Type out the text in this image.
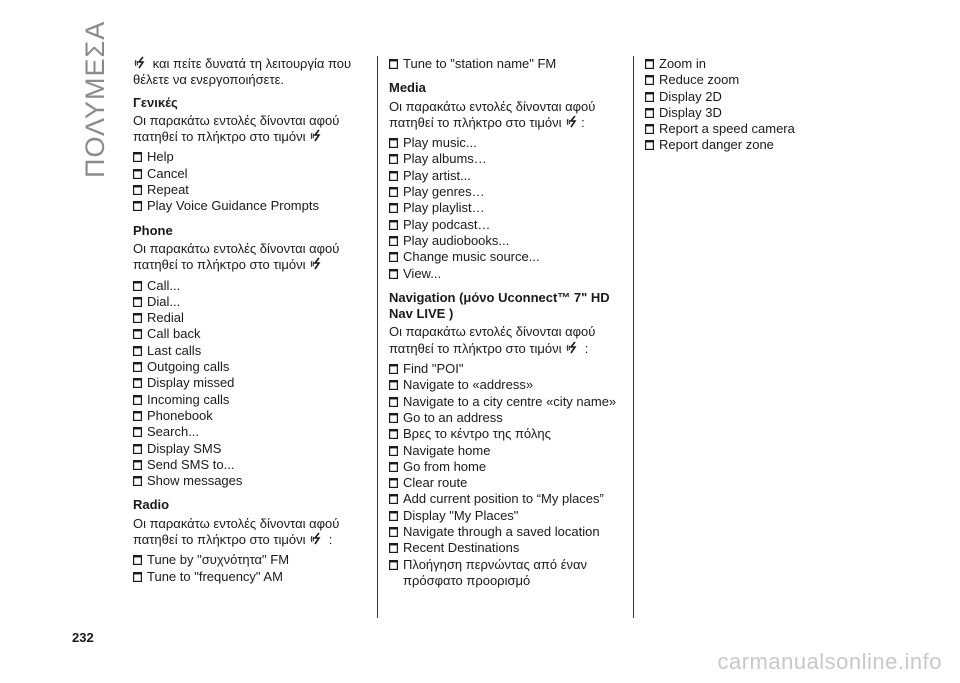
ΠΟΛΥΜΕΣΑ	και πείτε δυνατά τη λειτουργία που θέλετε να ενεργοποιήσετε.

Γενικές

Οι παρακάτω εντολές δίνονται αφού πατηθεί το πλήκτρο στο τιμόνι

Help
Cancel
Repeat
Play Voice Guidance Prompts
Phone

Οι παρακάτω εντολές δίνονται αφού πατηθεί το πλήκτρο στο τιμόνι

Call...
Dial...
Redial
Call back
Last calls
Outgoing calls
Display missed
Incoming calls
Phonebook
Search...
Display SMS
Send SMS to...
Show messages
Radio

Οι παρακάτω εντολές δίνονται αφού πατηθεί το πλήκτρο στο τιμόνι  :

Tune by "συχνότητα" FM
Tune to "frequency" AM
Tune to "station name" FM
Media

Οι παρακάτω εντολές δίνονται αφού πατηθεί το πλήκτρο στο τιμόνι :

Play music...
Play albums…
Play artist...
Play genres…
Play playlist…
Play podcast…
Play audiobooks...
Change music source...
View...
Navigation (μόνο Uconnect™ 7" HD Nav LIVE )

Οι παρακάτω εντολές δίνονται αφού πατηθεί το πλήκτρο στο τιμόνι  :

Find "POI"
Navigate to «address»
Navigate to a city centre «city name»
Go to an address
Βρες το κέντρο της πόλης
Navigate home
Go from home
Clear route
Add current position to “My places”
Display "My Places"
Navigate through a saved location
Recent Destinations
Πλοήγηση περνώντας από έναν πρόσφατο προορισμό
Zoom in
Reduce zoom
Display 2D
Display 3D
Report a speed camera
Report danger zone
232
carmanualsonline.info
